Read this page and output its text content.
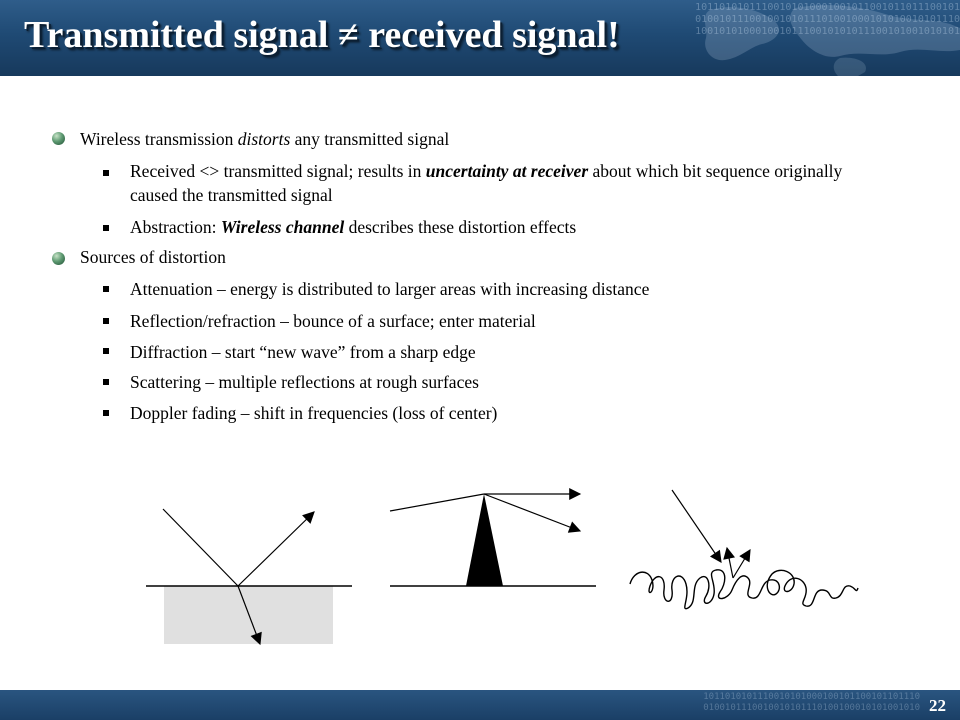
10110101011100101010001001011001011011100101
01001011100100101011101001000101010010101110
10010101000100101110010101011100101001010101
Transmitted signal ≠ received signal!
Wireless transmission distorts any transmitted signal
Received <> transmitted signal; results in uncertainty at receiver about which bit sequence originally caused the transmitted signal
Abstraction: Wireless channel describes these distortion effects
Sources of distortion
Attenuation – energy is distributed to larger areas with increasing distance
Reflection/refraction – bounce of a surface; enter material
Diffraction – start “new wave” from a sharp edge
Scattering – multiple reflections at rough surfaces
Doppler fading – shift in frequencies (loss of center)
1011010101110010101000100101100101101110
0100101110010010101110100100010101001010 22
